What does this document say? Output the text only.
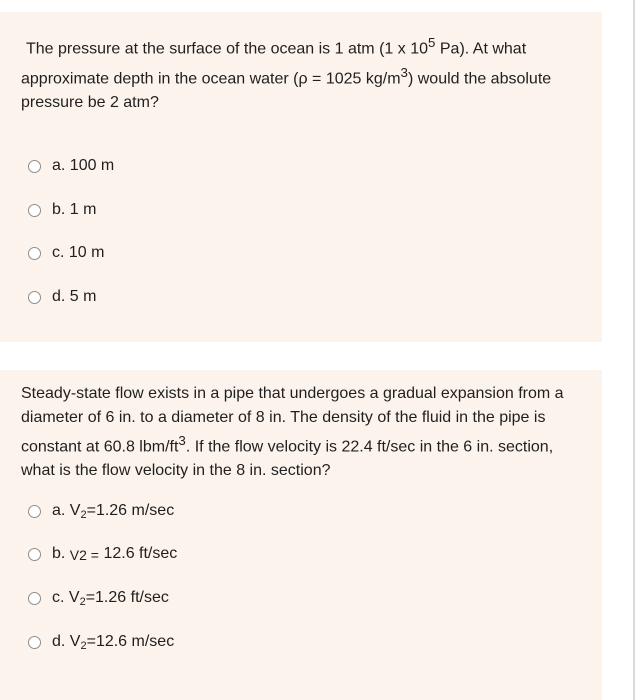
The pressure at the surface of the ocean is 1 atm (1 x $10^5$ Pa). At what

approximate depth in the ocean water (ρ = 1025 $kg/m^3$) would the absolute

pressure be 2 atm?

a. 100 m
b. 1 m
c. 10 m
d. 5 m

Steady-state flow exists in a pipe that undergoes a gradual expansion from a

diameter of 6 in. to a diameter of 8 in. The density of the fluid in the pipe is

constant at 60.8 lbm/$ft^3$. If the flow velocity is 22.4 ft/sec in the 6 in. section,

what is the flow velocity in the 8 in. section?

a. $V_2=1.26$ m/sec
b. V2 = 12.6 ft/sec
c. $V_2=1.26$ ft/sec
d. $V_2=12.6$ m/sec
